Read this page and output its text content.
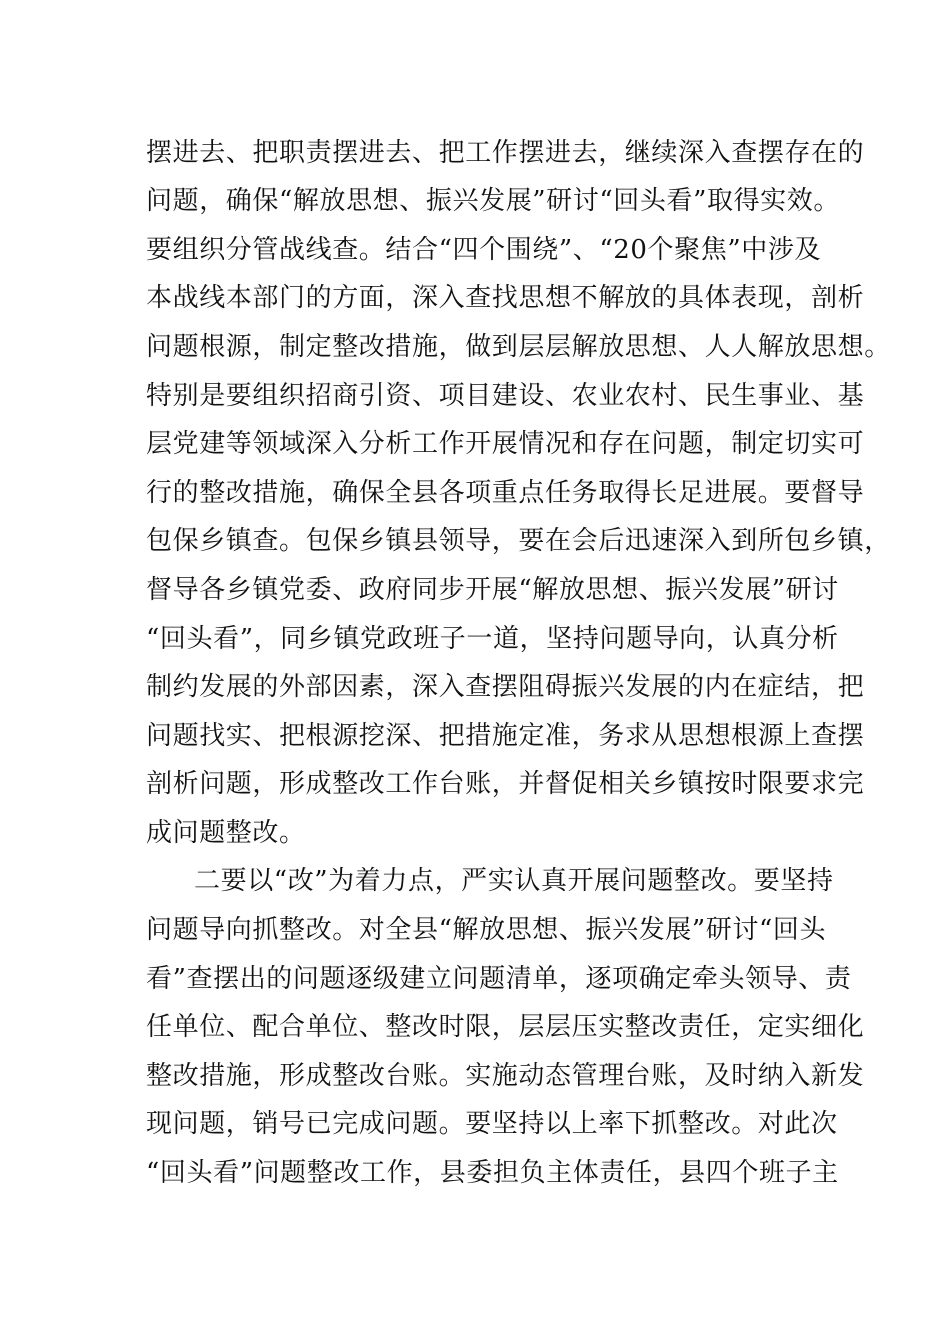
摆进去、把职责摆进去、把工作摆进去，继续深入查摆存在的
问题，确保“解放思想、振兴发展”研讨“回头看”取得实效。
要组织分管战线查。结合“四个围绕”、“20个聚焦”中涉及
本战线本部门的方面，深入查找思想不解放的具体表现，剖析
问题根源，制定整改措施，做到层层解放思想、人人解放思想。
特别是要组织招商引资、项目建设、农业农村、民生事业、基
层党建等领域深入分析工作开展情况和存在问题，制定切实可
行的整改措施，确保全县各项重点任务取得长足进展。要督导
包保乡镇查。包保乡镇县领导，要在会后迅速深入到所包乡镇，
督导各乡镇党委、政府同步开展“解放思想、振兴发展”研讨
“回头看”，同乡镇党政班子一道，坚持问题导向，认真分析
制约发展的外部因素，深入查摆阻碍振兴发展的内在症结，把
问题找实、把根源挖深、把措施定准，务求从思想根源上查摆
剖析问题，形成整改工作台账，并督促相关乡镇按时限要求完
成问题整改。
二要以“改”为着力点，严实认真开展问题整改。要坚持
问题导向抓整改。对全县“解放思想、振兴发展”研讨“回头
看”查摆出的问题逐级建立问题清单，逐项确定牵头领导、责
任单位、配合单位、整改时限，层层压实整改责任，定实细化
整改措施，形成整改台账。实施动态管理台账，及时纳入新发
现问题，销号已完成问题。要坚持以上率下抓整改。对此次
“回头看”问题整改工作，县委担负主体责任，县四个班子主
